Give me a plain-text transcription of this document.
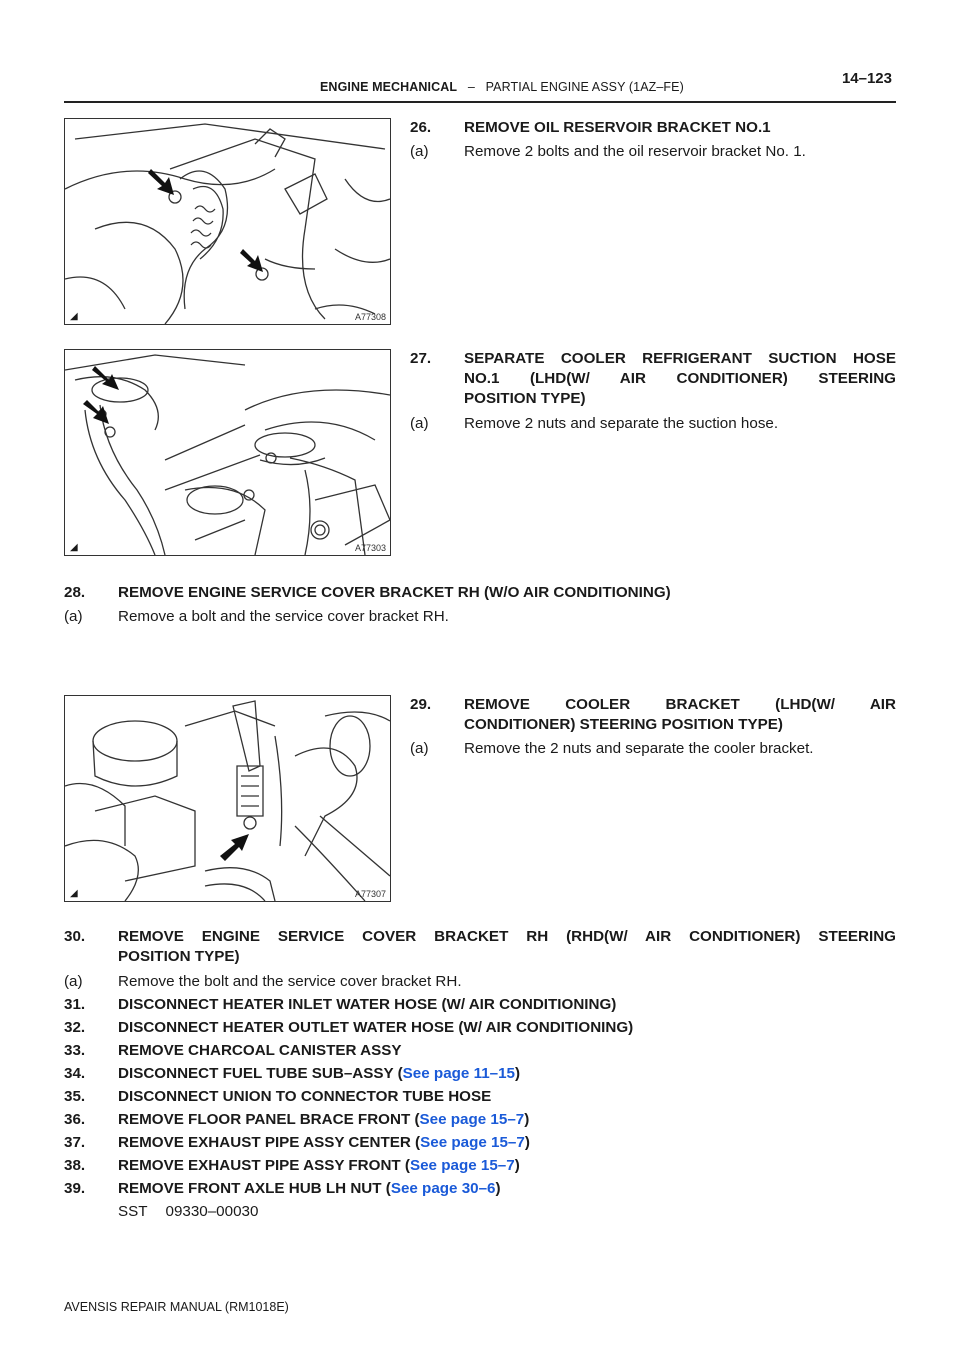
ENGINE MECHANICAL – PARTIAL ENGINE ASSY (1AZ–FE)	14–123
◢	A77308
26. REMOVE OIL RESERVOIR BRACKET NO.1
(a) Remove 2 bolts and the oil reservoir bracket No. 1.
◢	A77303
27. SEPARATE COOLER REFRIGERANT SUCTION HOSE
NO.1 (LHD(W/ AIR CONDITIONER) STEERING
POSITION TYPE)
(a) Remove 2 nuts and separate the suction hose.
28. REMOVE ENGINE SERVICE COVER BRACKET RH (W/O AIR CONDITIONING)
(a) Remove a bolt and the service cover bracket RH.
◢	A77307
29. REMOVE COOLER BRACKET (LHD(W/ AIR
CONDITIONER) STEERING POSITION TYPE)
(a) Remove the 2 nuts and separate the cooler bracket.
30. REMOVE ENGINE SERVICE COVER BRACKET RH (RHD(W/ AIR CONDITIONER) STEERING
POSITION TYPE)
(a) Remove the bolt and the service cover bracket RH.
31. DISCONNECT HEATER INLET WATER HOSE (W/ AIR CONDITIONING)
32. DISCONNECT HEATER OUTLET WATER HOSE (W/ AIR CONDITIONING)
33. REMOVE CHARCOAL CANISTER ASSY
34. DISCONNECT FUEL TUBE SUB–ASSY (See page 11–15)
35. DISCONNECT UNION TO CONNECTOR TUBE HOSE
36. REMOVE FLOOR PANEL BRACE FRONT (See page 15–7)
37. REMOVE EXHAUST PIPE ASSY CENTER (See page 15–7)
38. REMOVE EXHAUST PIPE ASSY FRONT (See page 15–7)
39. REMOVE FRONT AXLE HUB LH NUT (See page 30–6)
SST 09330–00030
AVENSIS REPAIR MANUAL (RM1018E)
